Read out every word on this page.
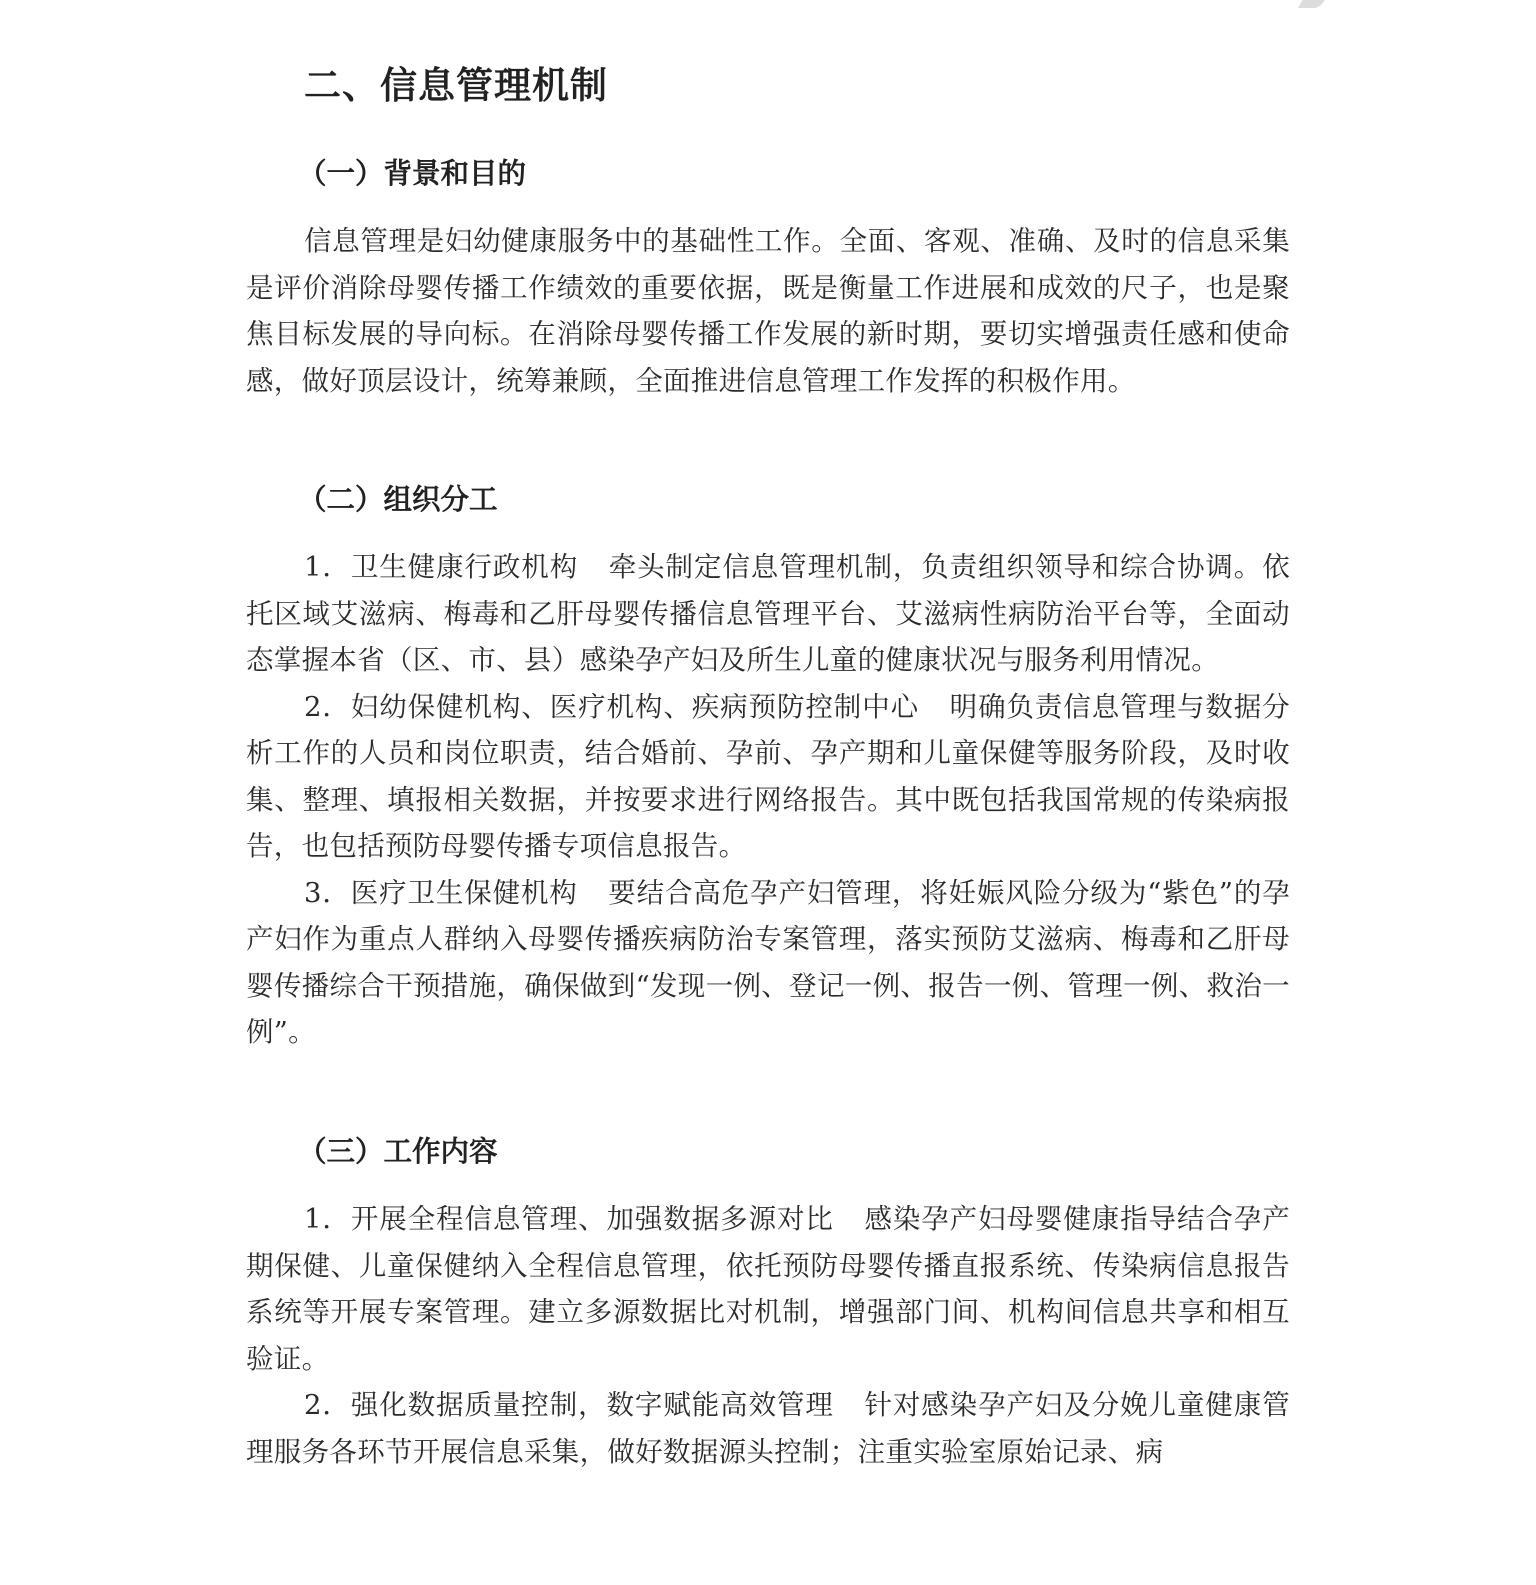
二、信息管理机制
（一）背景和目的

信息管理是妇幼健康服务中的基础性工作。全面、客观、准确、及时的信息采集是评价消除母婴传播工作绩效的重要依据，既是衡量工作进展和成效的尺子，也是聚焦目标发展的导向标。在消除母婴传播工作发展的新时期，要切实增强责任感和使命感，做好顶层设计，统筹兼顾，全面推进信息管理工作发挥的积极作用。

（二）组织分工

1．卫生健康行政机构 牵头制定信息管理机制，负责组织领导和综合协调。依托区域艾滋病、梅毒和乙肝母婴传播信息管理平台、艾滋病性病防治平台等，全面动态掌握本省（区、市、县）感染孕产妇及所生儿童的健康状况与服务利用情况。

2．妇幼保健机构、医疗机构、疾病预防控制中心 明确负责信息管理与数据分析工作的人员和岗位职责，结合婚前、孕前、孕产期和儿童保健等服务阶段，及时收集、整理、填报相关数据，并按要求进行网络报告。其中既包括我国常规的传染病报告，也包括预防母婴传播专项信息报告。

3．医疗卫生保健机构 要结合高危孕产妇管理，将妊娠风险分级为“紫色”的孕产妇作为重点人群纳入母婴传播疾病防治专案管理，落实预防艾滋病、梅毒和乙肝母婴传播综合干预措施，确保做到“发现一例、登记一例、报告一例、管理一例、救治一例”。

（三）工作内容

1．开展全程信息管理、加强数据多源对比 感染孕产妇母婴健康指导结合孕产期保健、儿童保健纳入全程信息管理，依托预防母婴传播直报系统、传染病信息报告系统等开展专案管理。建立多源数据比对机制，增强部门间、机构间信息共享和相互验证。

2．强化数据质量控制，数字赋能高效管理 针对感染孕产妇及分娩儿童健康管理服务各环节开展信息采集，做好数据源头控制；注重实验室原始记录、病
